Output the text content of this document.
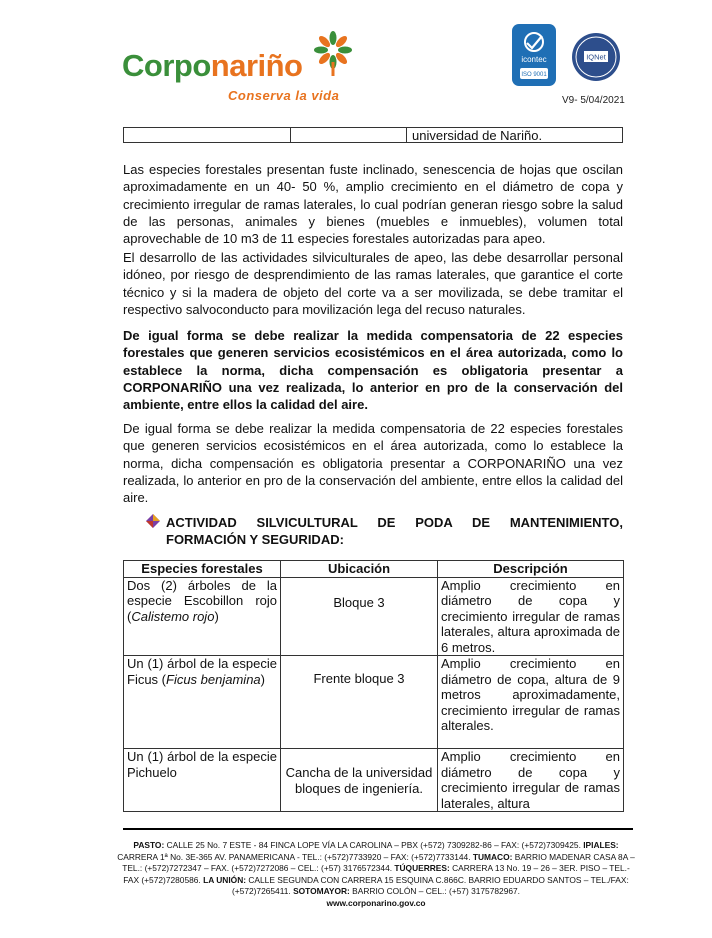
Corponariño
Conserva la vida
icontec
ISO 9001
IQNet
V9- 5/04/2021
universidad de Nariño.
Las especies forestales presentan fuste inclinado, senescencia de hojas que oscilan aproximadamente en un 40- 50 %, amplio crecimiento en el diámetro de copa y crecimiento irregular de ramas laterales, lo cual podrían generan riesgo sobre la salud de las personas, animales y bienes (muebles e inmuebles), volumen total aprovechable de 10 m3 de 11 especies forestales autorizadas para apeo.
El desarrollo de las actividades silviculturales de apeo, las debe desarrollar personal idóneo, por riesgo de desprendimiento de las ramas laterales, que garantice el corte técnico y si la madera de objeto del corte va a ser movilizada, se debe tramitar el respectivo salvoconducto para movilización lega del recuso naturales.
De igual forma se debe realizar la medida compensatoria de 22 especies forestales que generen servicios ecosistémicos en el área autorizada, como lo establece la norma, dicha compensación es obligatoria presentar a CORPONARIÑO una vez realizada, lo anterior en pro de la conservación del ambiente, entre ellos la calidad del aire.
De igual forma se debe realizar la medida compensatoria de 22 especies forestales que generen servicios ecosistémicos en el área autorizada, como lo establece la norma, dicha compensación es obligatoria presentar a CORPONARIÑO una vez realizada, lo anterior en pro de la conservación del ambiente, entre ellos la calidad del aire.
ACTIVIDAD SILVICULTURAL DE PODA DE MANTENIMIENTO, FORMACIÓN Y SEGURIDAD:
Especies forestales	Ubicación	Descripción
Dos (2) árboles de la especie Escobillon rojo (Calistemo rojo)	Bloque 3	Amplio crecimiento en diámetro de copa y crecimiento irregular de ramas laterales, altura aproximada de 6 metros.
Un (1) árbol de la especie Ficus (Ficus benjamina)	Frente bloque 3	Amplio crecimiento en diámetro de copa, altura de 9 metros aproximadamente, crecimiento irregular de ramas alterales.
Un (1) árbol de la especie Pichuelo	Cancha de la universidad bloques de ingeniería.	Amplio crecimiento en diámetro de copa y crecimiento irregular de ramas laterales, altura
PASTO: CALLE 25 No. 7 ESTE - 84 FINCA LOPE VÍA LA CAROLINA – PBX (+572) 7309282-86 – FAX: (+572)7309425. IPIALES: CARRERA 1ª No. 3E-365 AV. PANAMERICANA - TEL.: (+572)7733920 – FAX: (+572)7733144. TUMACO: BARRIO MADENAR CASA 8A – TEL.: (+572)7272347 – FAX. (+572)7272086 – CEL.: (+57) 3176572344. TÚQUERRES: CARRERA 13 No. 19 – 26 – 3ER. PISO – TEL.- FAX (+572)7280586. LA UNIÓN: CALLE SEGUNDA CON CARRERA 15 ESQUINA C.866C. BARRIO EDUARDO SANTOS – TEL./FAX: (+572)7265411. SOTOMAYOR: BARRIO COLÓN – CEL.: (+57) 3175782967.
www.corponarino.gov.co
